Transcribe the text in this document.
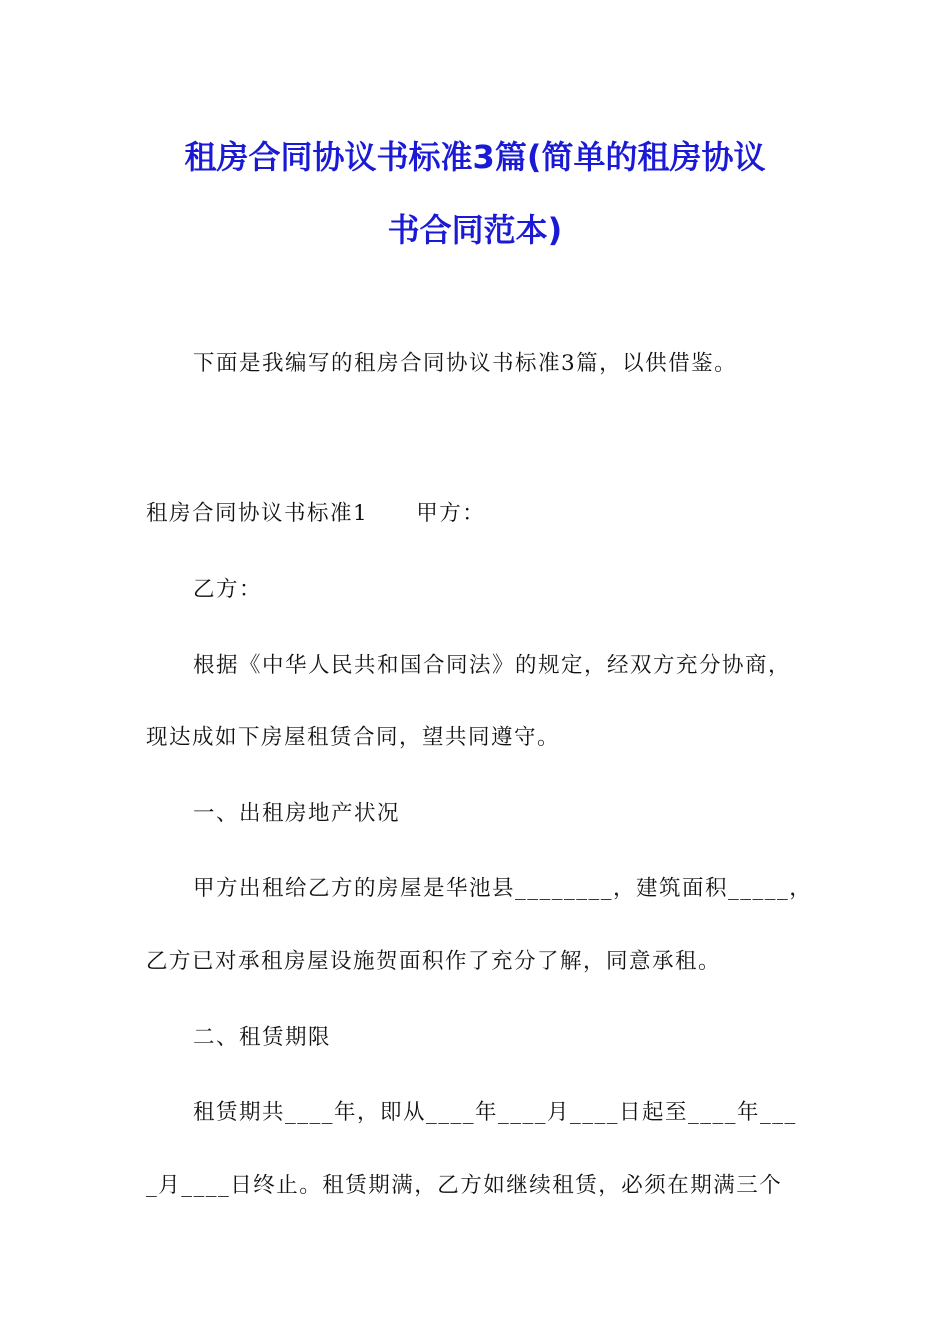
租房合同协议书标准3篇(简单的租房协议
书合同范本)
下面是我编写的租房合同协议书标准3篇，以供借鉴。
租房合同协议书标准1 甲方：
乙方：
根据《中华人民共和国合同法》的规定，经双方充分协商，
现达成如下房屋租赁合同，望共同遵守。
一、出租房地产状况
甲方出租给乙方的房屋是华池县________，建筑面积_____，
乙方已对承租房屋设施贺面积作了充分了解，同意承租。
二、租赁期限
租赁期共____年，即从____年____月____日起至____年___
_月____日终止。租赁期满，乙方如继续租赁，必须在期满三个
